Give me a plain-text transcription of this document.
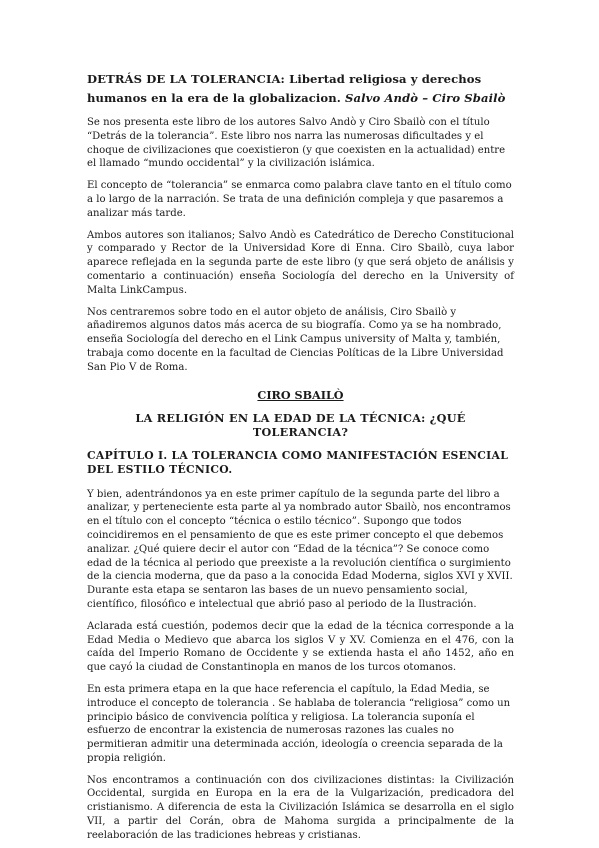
DETRÁS DE LA TOLERANCIA: Libertad religiosa y derechos humanos en la era de la globalizacion. Salvo Andò – Ciro Sbailò

Se nos presenta este libro de los autores Salvo Andò y Ciro Sbailò con el título “Detrás de la tolerancia”. Este libro nos narra las numerosas dificultades y el choque de civilizaciones que coexistieron (y que coexisten en la actualidad) entre el llamado “mundo occidental” y la civilización islámica.

El concepto de “tolerancia” se enmarca como palabra clave tanto en el título como a lo largo de la narración. Se trata de una definición compleja y que pasaremos a analizar más tarde.

Ambos autores son italianos; Salvo Andò es Catedrático de Derecho Constitucional y comparado y Rector de la Universidad Kore di Enna. Ciro Sbailò, cuya labor aparece reflejada en la segunda parte de este libro (y que será objeto de análisis y comentario a continuación) enseña Sociología del derecho en la University of Malta LinkCampus.

Nos centraremos sobre todo en el autor objeto de análisis, Ciro Sbailò y añadiremos algunos datos más acerca de su biografía. Como ya se ha nombrado, enseña Sociología del derecho en el Link Campus university of Malta y, también, trabaja como docente en la facultad de Ciencias Políticas de la Libre Universidad San Pio V de Roma.

CIRO SBAILÒ
LA RELIGIÓN EN LA EDAD DE LA TÉCNICA: ¿QUÉ TOLERANCIA?
CAPÍTULO I. LA TOLERANCIA COMO MANIFESTACIÓN ESENCIAL DEL ESTILO TÉCNICO.

Y bien, adentrándonos ya en este primer capítulo de la segunda parte del libro a analizar, y perteneciente esta parte al ya nombrado autor Sbailò, nos encontramos en el título con el concepto “técnica o estilo técnico”. Supongo que todos coincidiremos en el pensamiento de que es este primer concepto el que debemos analizar. ¿Qué quiere decir el autor con “Edad de la técnica”? Se conoce como edad de la técnica al periodo que preexiste a la revolución científica o surgimiento de la ciencia moderna, que da paso a la conocida Edad Moderna, siglos XVI y XVII. Durante esta etapa se sentaron las bases de un nuevo pensamiento social, científico, filosófico e intelectual que abrió paso al periodo de la Ilustración.

Aclarada está cuestión, podemos decir que la edad de la técnica corresponde a la Edad Media o Medievo que abarca los siglos V y XV. Comienza en el 476, con la caída del Imperio Romano de Occidente y se extienda hasta el año 1452, año en que cayó la ciudad de Constantinopla en manos de los turcos otomanos.

En esta primera etapa en la que hace referencia el capítulo, la Edad Media, se introduce el concepto de tolerancia . Se hablaba de tolerancia “religiosa” como un principio básico de convivencia política y religiosa. La tolerancia suponía el esfuerzo de encontrar la existencia de numerosas razones las cuales no permitieran admitir una determinada acción, ideología o creencia separada de la propia religión.

Nos encontramos a continuación con dos civilizaciones distintas: la Civilización Occidental, surgida en Europa en la era de la Vulgarización, predicadora del cristianismo. A diferencia de esta la Civilización Islámica se desarrolla en el siglo VII, a partir del Corán, obra de Mahoma surgida a principalmente de la reelaboración de las tradiciones hebreas y cristianas.
